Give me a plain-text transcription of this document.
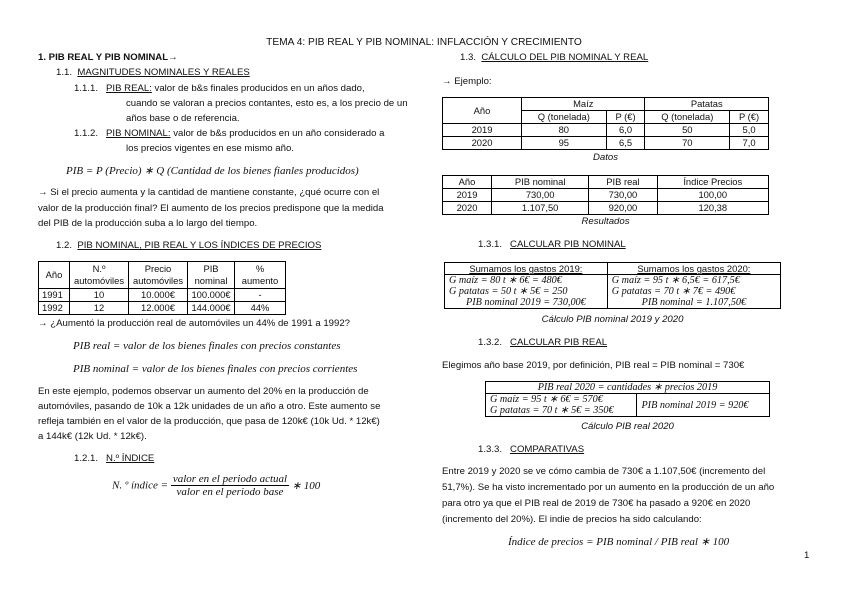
TEMA 4: PIB REAL Y PIB NOMINAL: INFLACCIÓN Y CRECIMIENTO
1. PIB REAL Y PIB NOMINAL→
1.1. MAGNITUDES NOMINALES Y REALES
1.1.1. PIB REAL: valor de b&s finales producidos en un años dado,
cuando se valoran a precios contantes, esto es, a los precio de un
años base o de referencia.
1.1.2. PIB NOMINAL: valor de b&s producidos en un año considerado a
los precios vigentes en ese mismo año.
PIB = P (Precio) ∗ Q (Cantidad de los bienes fianles producidos)
→ Si el precio aumenta y la cantidad de mantiene constante, ¿qué ocurre con el
valor de la producción final? El aumento de los precios predispone que la medida
del PIB de la producción suba a lo largo del tiempo.
1.2. PIB NOMINAL, PIB REAL Y LOS ÍNDICES DE PRECIOS
Año	N.º automóviles	Precio automóviles	PIB nominal	% aumento
1991	10	10.000€	100.000€	-
1992	12	12.000€	144.000€	44%
→ ¿Aumentó la producción real de automóviles un 44% de 1991 a 1992?
PIB real = valor de los bienes finales con precios constantes
PIB nominal = valor de los bienes finales con precios corrientes
En este ejemplo, podemos observar un aumento del 20% en la producción de
automóviles, pasando de 10k a 12k unidades de un año a otro. Este aumento se
refleja también en el valor de la producción, que pasa de 120k€ (10k Ud. * 12k€)
a 144k€ (12k Ud. * 12k€).
1.2.1. N.º ÍNDICE
N. º índice = $\frac{\text{valor en el periodo actual}}{\text{valor en el periodo base}}$ ∗ 100
1.3. CÁLCULO DEL PIB NOMINAL Y REAL
→ Ejemplo:
Año	Maíz		Patatas	
	Q (tonelada)	P (€)	Q (tonelada)	P (€)
2019	80	6,0	50	5,0
2020	95	6,5	70	7,0
Datos
Año	PIB nominal	PIB real	Índice Precios
2019	730,00	730,00	100,00
2020	1.107,50	920,00	120,38
Resultados
1.3.1. CALCULAR PIB NOMINAL
Sumamos los gastos 2019:	Sumamos los gastos 2020:
G maíz = 80 t ∗ 6€ = 480€	G maíz = 95 t ∗ 6,5€ = 617,5€
G patatas = 50 t ∗ 5€ = 250	G patatas = 70 t ∗ 7€ = 490€
PIB nominal 2019 = 730,00€	PIB nominal = 1.107,50€
Cálculo PIB nominal 2019 y 2020
1.3.2. CALCULAR PIB REAL
Elegimos año base 2019, por definición, PIB real = PIB nominal = 730€
PIB real 2020 = cantidades ∗ precios 2019
G maíz = 95 t ∗ 6€ = 570€	PIB nominal 2019 = 920€
G patatas = 70 t ∗ 5€ = 350€
Cálculo PIB real 2020
1.3.3. COMPARATIVAS
Entre 2019 y 2020 se ve cómo cambia de 730€ a 1.107,50€ (incremento del
51,7%). Se ha visto incrementado por un aumento en la producción de un año
para otro ya que el PIB real de 2019 de 730€ ha pasado a 920€ en 2020
(incremento del 20%). El indie de precios ha sido calculando:
Índice de precios = PIB nominal / PIB real ∗ 100
1
